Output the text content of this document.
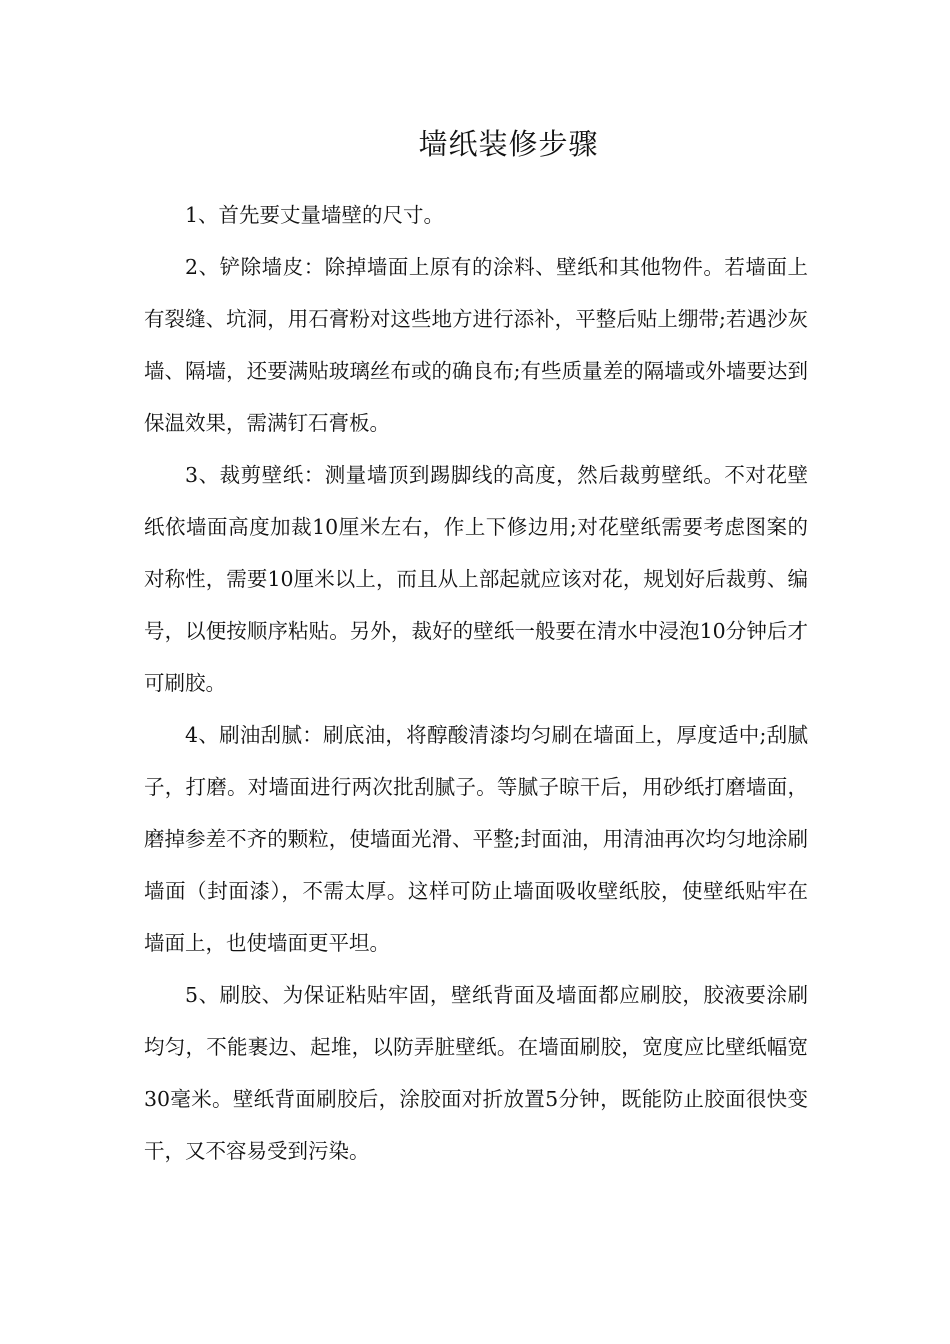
墙纸装修步骤

1、首先要丈量墙壁的尺寸。

2、铲除墙皮：除掉墙面上原有的涂料、壁纸和其他物件。若墙面上有裂缝、坑洞，用石膏粉对这些地方进行添补，平整后贴上绷带;若遇沙灰墙、隔墙，还要满贴玻璃丝布或的确良布;有些质量差的隔墙或外墙要达到保温效果，需满钉石膏板。

3、裁剪壁纸：测量墙顶到踢脚线的高度，然后裁剪壁纸。不对花壁纸依墙面高度加裁10厘米左右，作上下修边用;对花壁纸需要考虑图案的对称性，需要10厘米以上，而且从上部起就应该对花，规划好后裁剪、编号，以便按顺序粘贴。另外，裁好的壁纸一般要在清水中浸泡10分钟后才可刷胶。

4、刷油刮腻：刷底油，将醇酸清漆均匀刷在墙面上，厚度适中;刮腻子，打磨。对墙面进行两次批刮腻子。等腻子晾干后，用砂纸打磨墙面，磨掉参差不齐的颗粒，使墙面光滑、平整;封面油，用清油再次均匀地涂刷墙面（封面漆），不需太厚。这样可防止墙面吸收壁纸胶，使壁纸贴牢在墙面上，也使墙面更平坦。

5、刷胶、为保证粘贴牢固，壁纸背面及墙面都应刷胶，胶液要涂刷均匀，不能裹边、起堆，以防弄脏壁纸。在墙面刷胶，宽度应比壁纸幅宽30毫米。壁纸背面刷胶后，涂胶面对折放置5分钟，既能防止胶面很快变干，又不容易受到污染。
